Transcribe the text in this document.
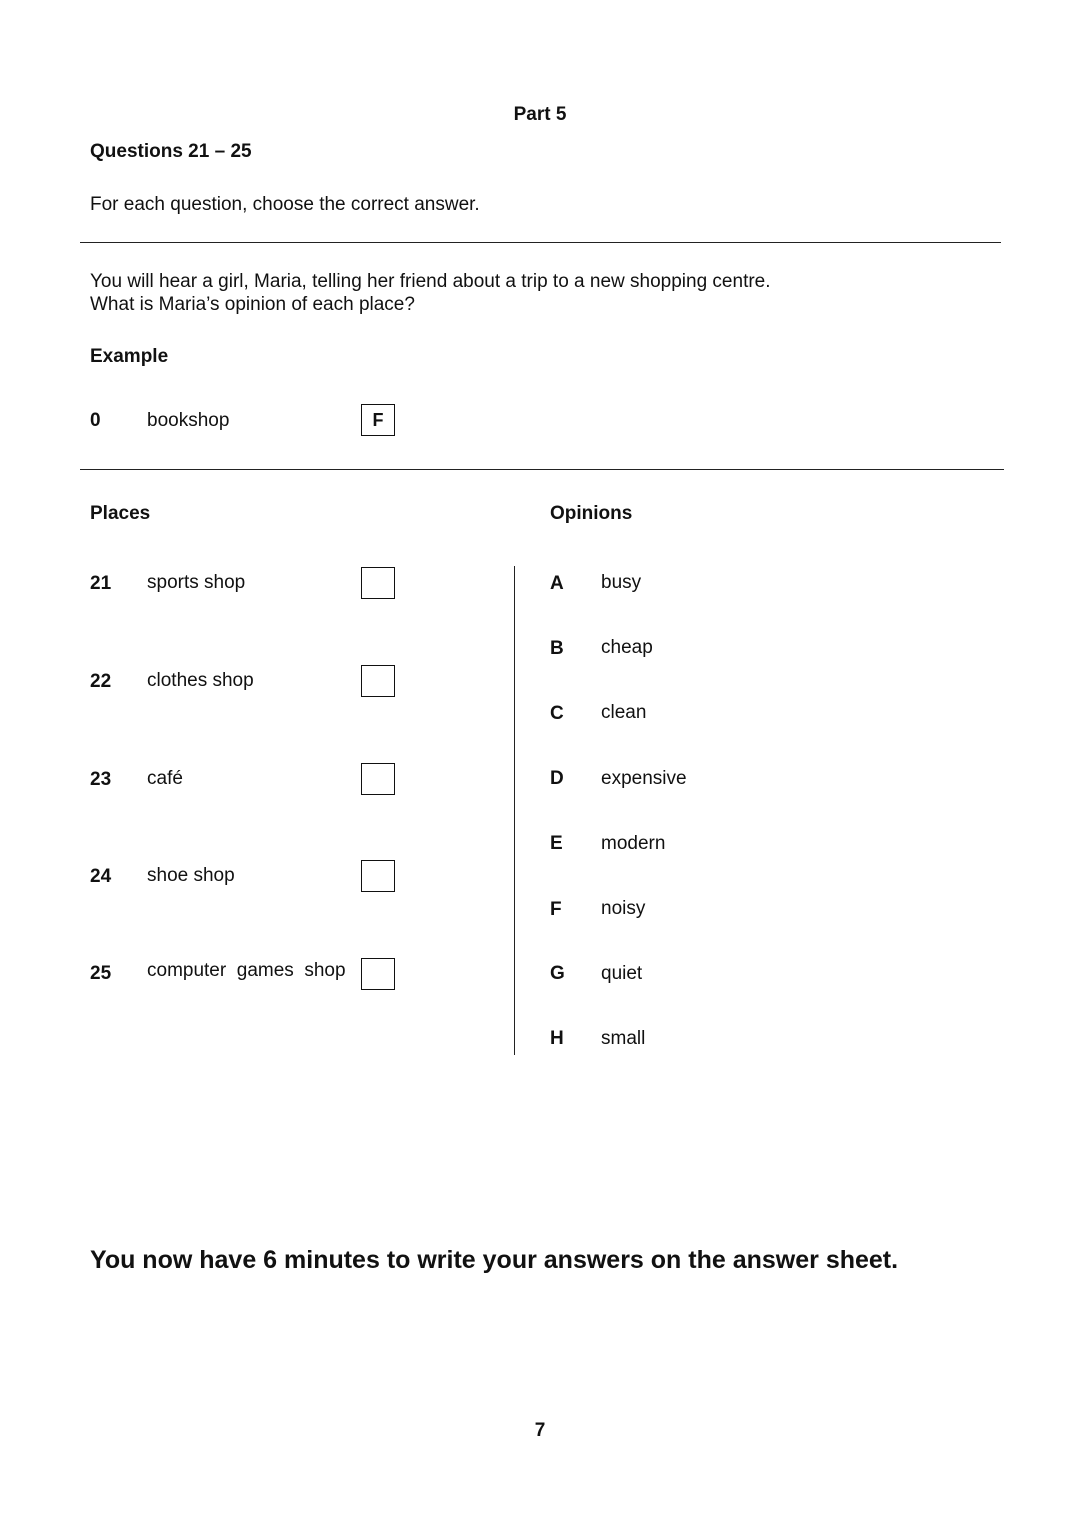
Part 5
Questions 21 – 25
For each question, choose the correct answer.
You will hear a girl, Maria, telling her friend about a trip to a new shopping centre.
What is Maria’s opinion of each place?
Example
0 bookshop	F
Places	Opinions
21 sports shop
22 clothes shop
23 café
24 shoe shop
25 computer  games  shop
A busy
B cheap
C clean
D expensive
E modern
F noisy
G quiet
H small
You now have 6 minutes to write your answers on the answer sheet.
7
